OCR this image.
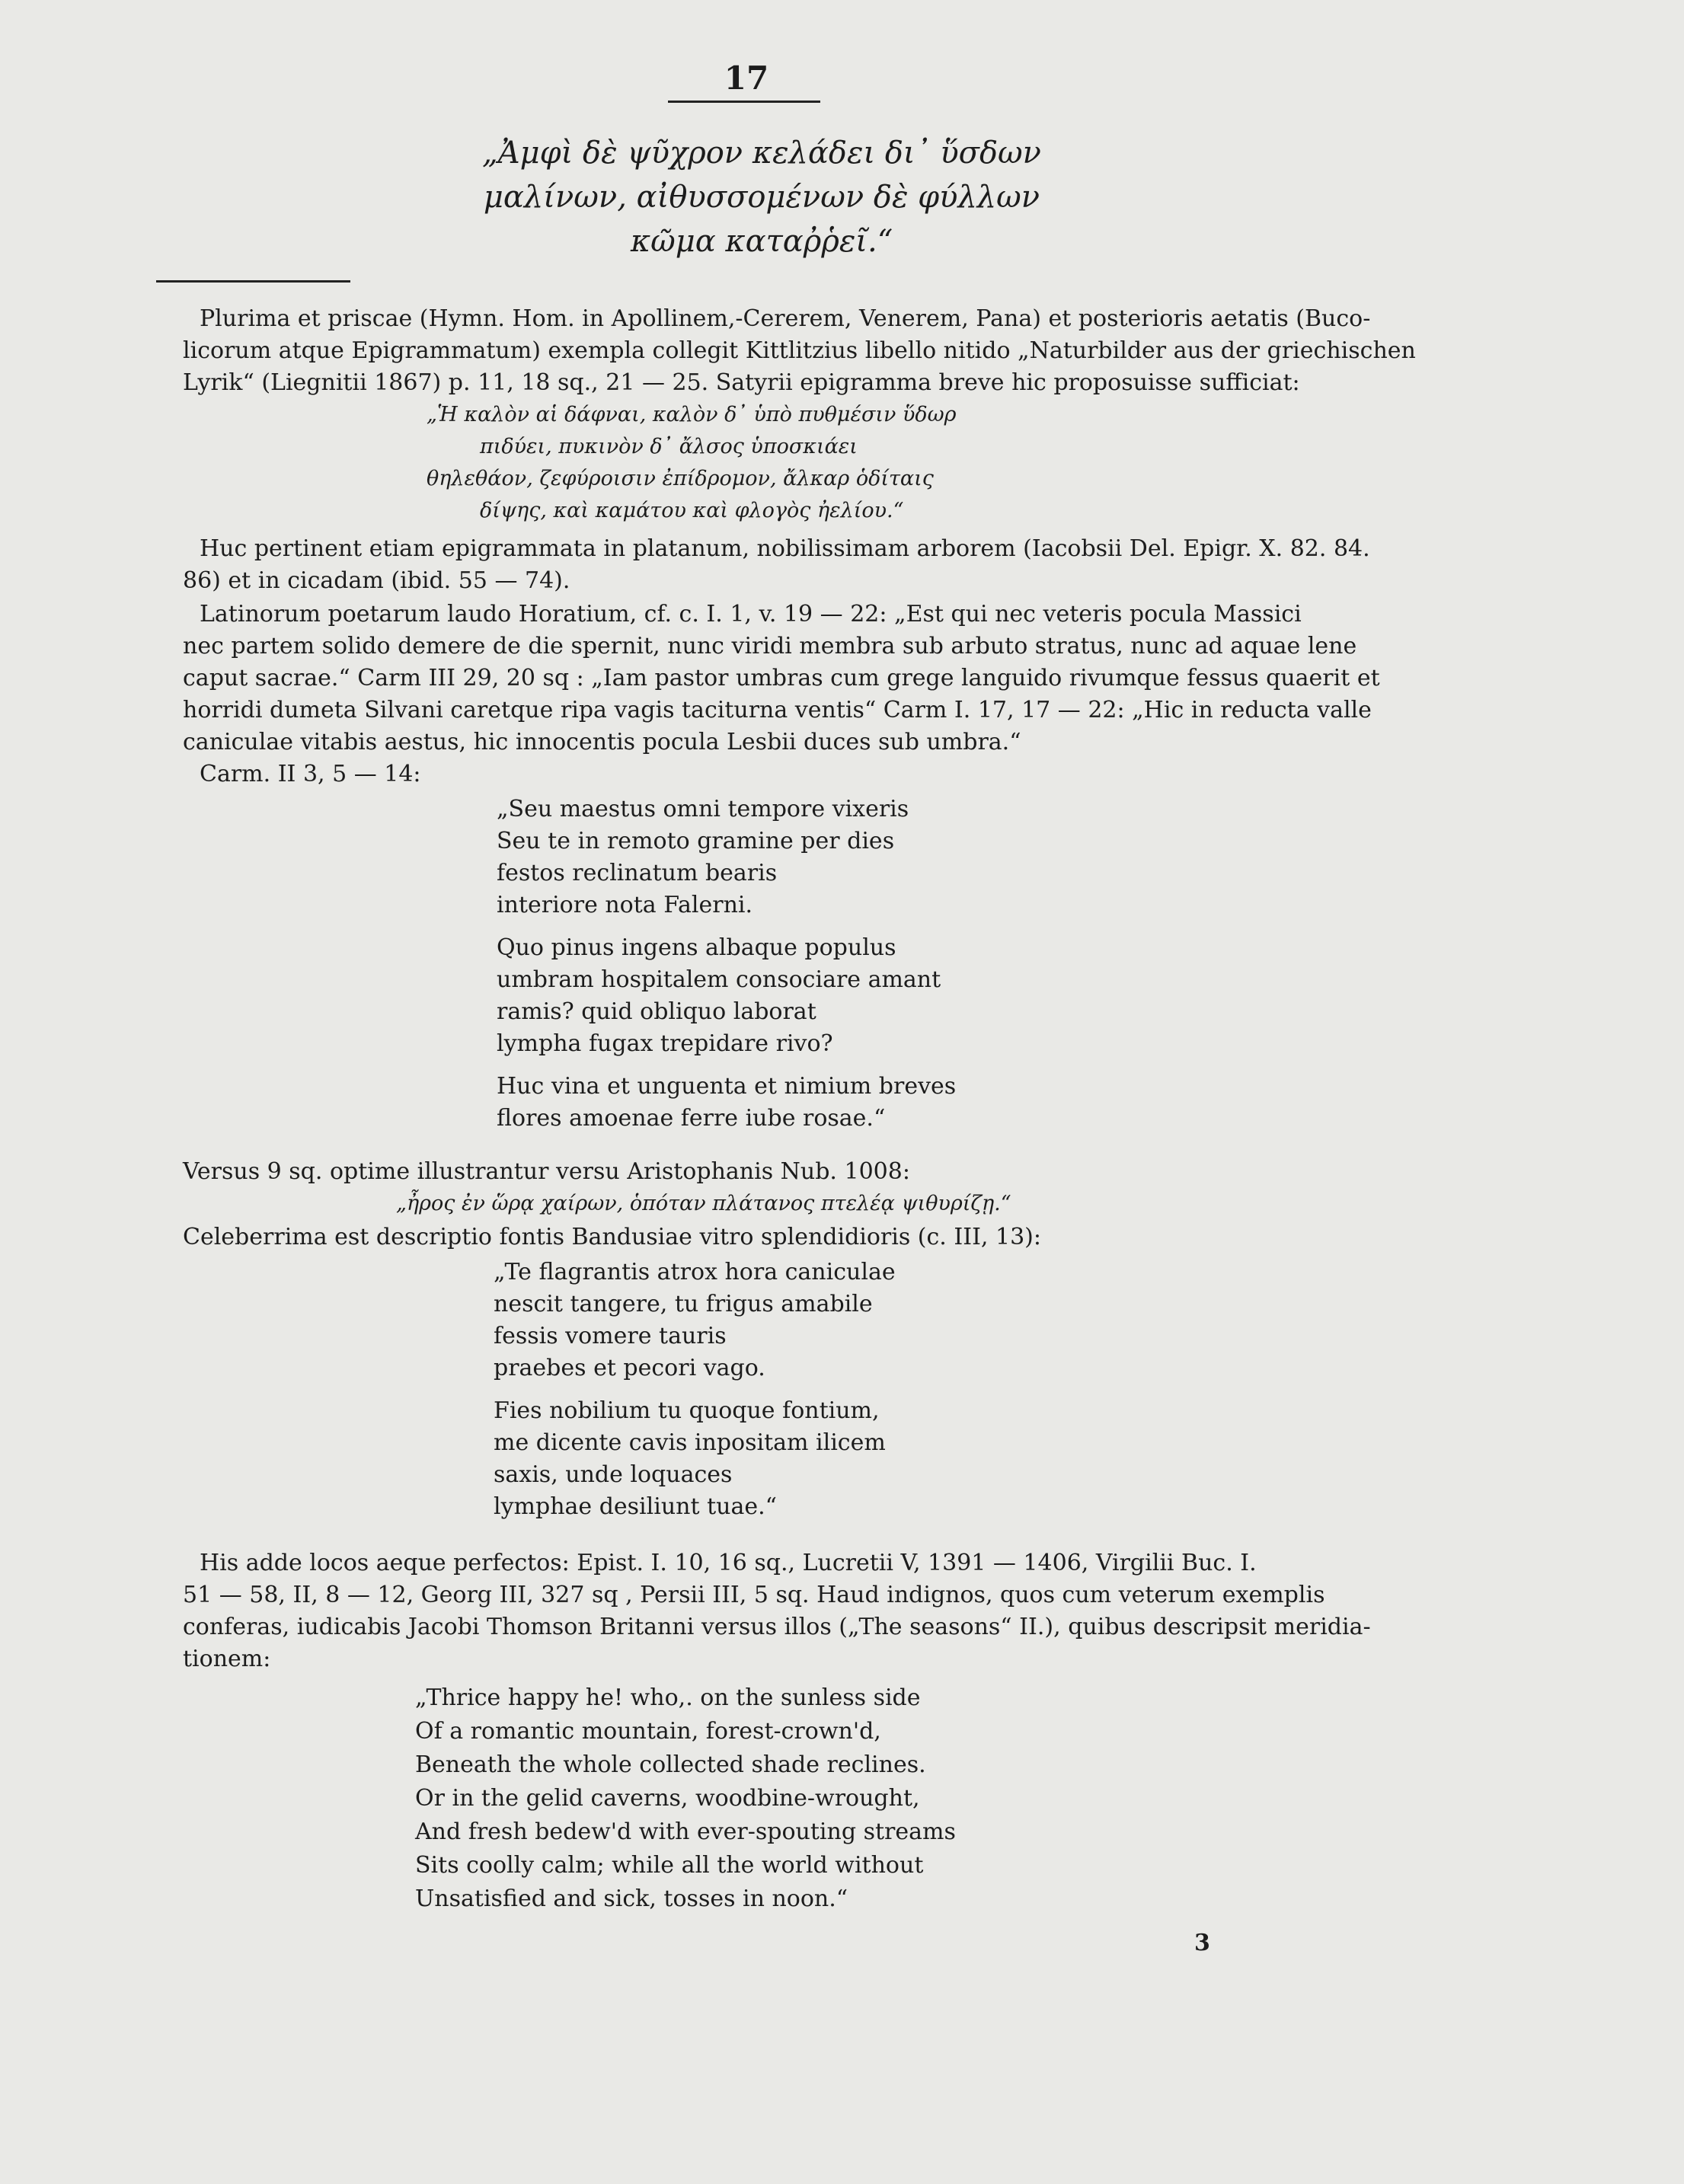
17
„Ἀμφὶ δὲ ψῦχρον κελάδει δι᾽ ὕσδων
μαλίνων, αἰθυσσομένων δὲ φύλλων
κῶμα καταῤῥεῖ.“
Plurima et priscae (Hymn. Hom. in Apollinem,-Cererem, Venerem, Pana) et posterioris aetatis (Buco-
licorum atque Epigrammatum) exempla collegit Kittlitzius libello nitido „Naturbilder aus der griechischen
Lyrik“ (Liegnitii 1867) p. 11, 18 sq., 21 — 25. Satyrii epigramma breve hic proposuisse sufficiat:
„Ἡ καλὸν αἱ δάφναι, καλὸν δ᾽ ὑπὸ πυθμέσιν ὕδωρ
πιδύει, πυκινὸν δ᾽ ἄλσος ὑποσκιάει
θηλεθάον, ζεφύροισιν ἐπίδρομον, ἄλκαρ ὁδίταις
δίψης, καὶ καμάτου καὶ φλογὸς ἠελίου.“
Huc pertinent etiam epigrammata in platanum, nobilissimam arborem (Iacobsii Del. Epigr. X. 82. 84.
86) et in cicadam (ibid. 55 — 74).
Latinorum poetarum laudo Horatium, cf. c. I. 1, v. 19 — 22: „Est qui nec veteris pocula Massici
nec partem solido demere de die spernit, nunc viridi membra sub arbuto stratus, nunc ad aquae lene
caput sacrae.“ Carm III 29, 20 sq : „Iam pastor umbras cum grege languido rivumque fessus quaerit et
horridi dumeta Silvani caretque ripa vagis taciturna ventis“ Carm I. 17, 17 — 22: „Hic in reducta valle
caniculae vitabis aestus, hic innocentis pocula Lesbii duces sub umbra.“
Carm. II 3, 5 — 14:
„Seu maestus omni tempore vixeris
Seu te in remoto gramine per dies
festos reclinatum bearis
interiore nota Falerni.
Quo pinus ingens albaque populus
umbram hospitalem consociare amant
ramis? quid obliquo laborat
lympha fugax trepidare rivo?
Huc vina et unguenta et nimium breves
flores amoenae ferre iube rosae.“
Versus 9 sq. optime illustrantur versu Aristophanis Nub. 1008:
„ἦρος ἐν ὥρᾳ χαίρων, ὁπόταν πλάτανος πτελέᾳ ψιθυρίζῃ.“
Celeberrima est descriptio fontis Bandusiae vitro splendidioris (c. III, 13):
„Te flagrantis atrox hora caniculae
nescit tangere, tu frigus amabile
fessis vomere tauris
praebes et pecori vago.
Fies nobilium tu quoque fontium,
me dicente cavis inpositam ilicem
saxis, unde loquaces
lymphae desiliunt tuae.“
His adde locos aeque perfectos: Epist. I. 10, 16 sq., Lucretii V, 1391 — 1406, Virgilii Buc. I.
51 — 58, II, 8 — 12, Georg III, 327 sq , Persii III, 5 sq. Haud indignos, quos cum veterum exemplis
conferas, iudicabis Jacobi Thomson Britanni versus illos („The seasons“ II.), quibus descripsit meridia-
tionem:
„Thrice happy he! who,. on the sunless side
Of a romantic mountain, forest-crown'd,
Beneath the whole collected shade reclines.
Or in the gelid caverns, woodbine-wrought,
And fresh bedew'd with ever-spouting streams
Sits coolly calm; while all the world without
Unsatisfied and sick, tosses in noon.“
3
